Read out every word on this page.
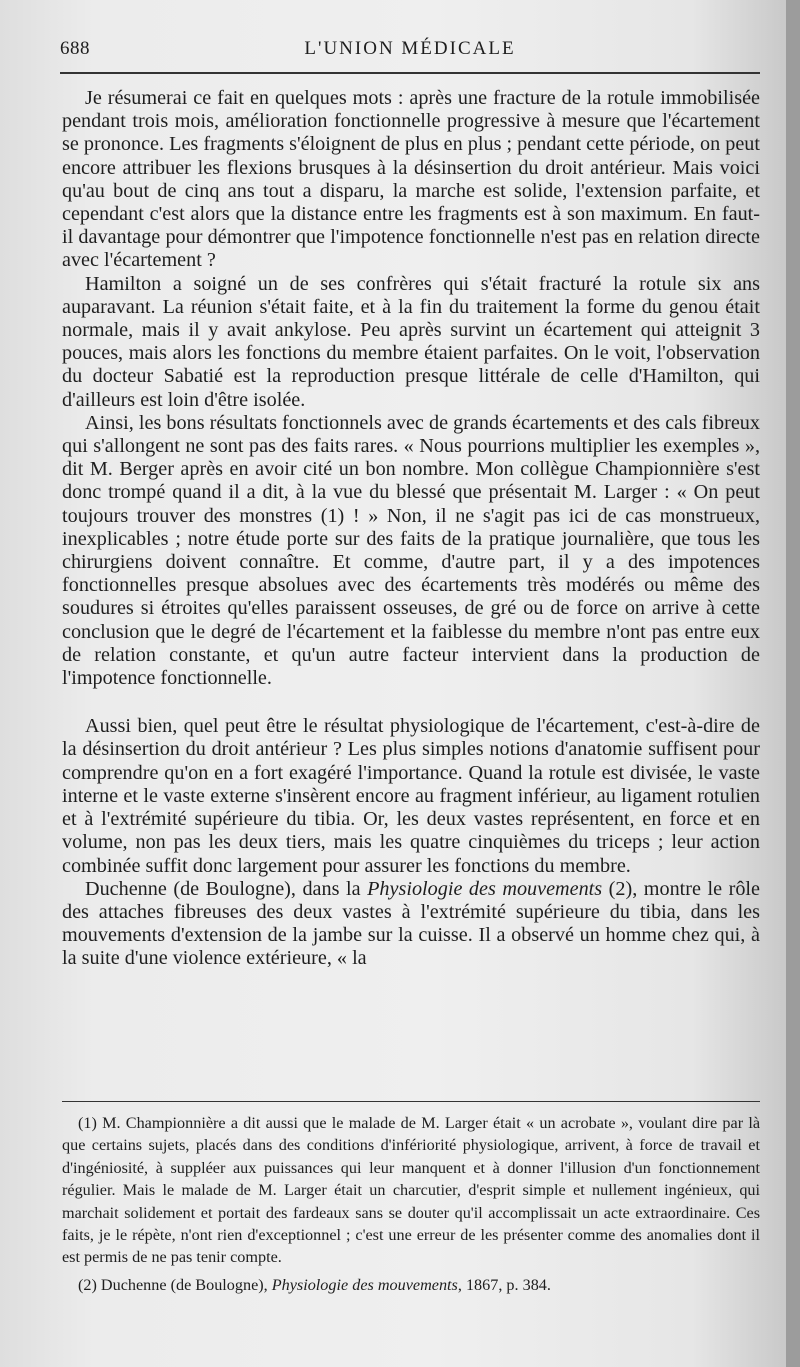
688	L'UNION MÉDICALE

Je résumerai ce fait en quelques mots : après une fracture de la rotule immobilisée pendant trois mois, amélioration fonctionnelle progressive à mesure que l'écartement se prononce. Les fragments s'éloignent de plus en plus ; pendant cette période, on peut encore attribuer les flexions brusques à la désinsertion du droit antérieur. Mais voici qu'au bout de cinq ans tout a disparu, la marche est solide, l'extension parfaite, et cependant c'est alors que la distance entre les fragments est à son maximum. En faut-il davantage pour démontrer que l'impotence fonctionnelle n'est pas en relation directe avec l'écartement ?

Hamilton a soigné un de ses confrères qui s'était fracturé la rotule six ans auparavant. La réunion s'était faite, et à la fin du traitement la forme du genou était normale, mais il y avait ankylose. Peu après survint un écartement qui atteignit 3 pouces, mais alors les fonctions du membre étaient parfaites. On le voit, l'observation du docteur Sabatié est la reproduction presque littérale de celle d'Hamilton, qui d'ailleurs est loin d'être isolée.

Ainsi, les bons résultats fonctionnels avec de grands écartements et des cals fibreux qui s'allongent ne sont pas des faits rares. « Nous pourrions multiplier les exemples », dit M. Berger après en avoir cité un bon nombre. Mon collègue Championnière s'est donc trompé quand il a dit, à la vue du blessé que présentait M. Larger : « On peut toujours trouver des monstres (1) ! » Non, il ne s'agit pas ici de cas monstrueux, inexplicables ; notre étude porte sur des faits de la pratique journalière, que tous les chirurgiens doivent connaître. Et comme, d'autre part, il y a des impotences fonctionnelles presque absolues avec des écartements très modérés ou même des soudures si étroites qu'elles paraissent osseuses, de gré ou de force on arrive à cette conclusion que le degré de l'écartement et la faiblesse du membre n'ont pas entre eux de relation constante, et qu'un autre facteur intervient dans la production de l'impotence fonctionnelle.

Aussi bien, quel peut être le résultat physiologique de l'écartement, c'est-à-dire de la désinsertion du droit antérieur ? Les plus simples notions d'anatomie suffisent pour comprendre qu'on en a fort exagéré l'importance. Quand la rotule est divisée, le vaste interne et le vaste externe s'insèrent encore au fragment inférieur, au ligament rotulien et à l'extrémité supérieure du tibia. Or, les deux vastes représentent, en force et en volume, non pas les deux tiers, mais les quatre cinquièmes du triceps ; leur action combinée suffit donc largement pour assurer les fonctions du membre.

Duchenne (de Boulogne), dans la Physiologie des mouvements (2), montre le rôle des attaches fibreuses des deux vastes à l'extrémité supérieure du tibia, dans les mouvements d'extension de la jambe sur la cuisse. Il a observé un homme chez qui, à la suite d'une violence extérieure, « la

(1) M. Championnière a dit aussi que le malade de M. Larger était « un acrobate », voulant dire par là que certains sujets, placés dans des conditions d'infériorité physiologique, arrivent, à force de travail et d'ingéniosité, à suppléer aux puissances qui leur manquent et à donner l'illusion d'un fonctionnement régulier. Mais le malade de M. Larger était un charcutier, d'esprit simple et nullement ingénieux, qui marchait solidement et portait des fardeaux sans se douter qu'il accomplissait un acte extraordinaire. Ces faits, je le répète, n'ont rien d'exceptionnel ; c'est une erreur de les présenter comme des anomalies dont il est permis de ne pas tenir compte.

(2) Duchenne (de Boulogne), Physiologie des mouvements, 1867, p. 384.
